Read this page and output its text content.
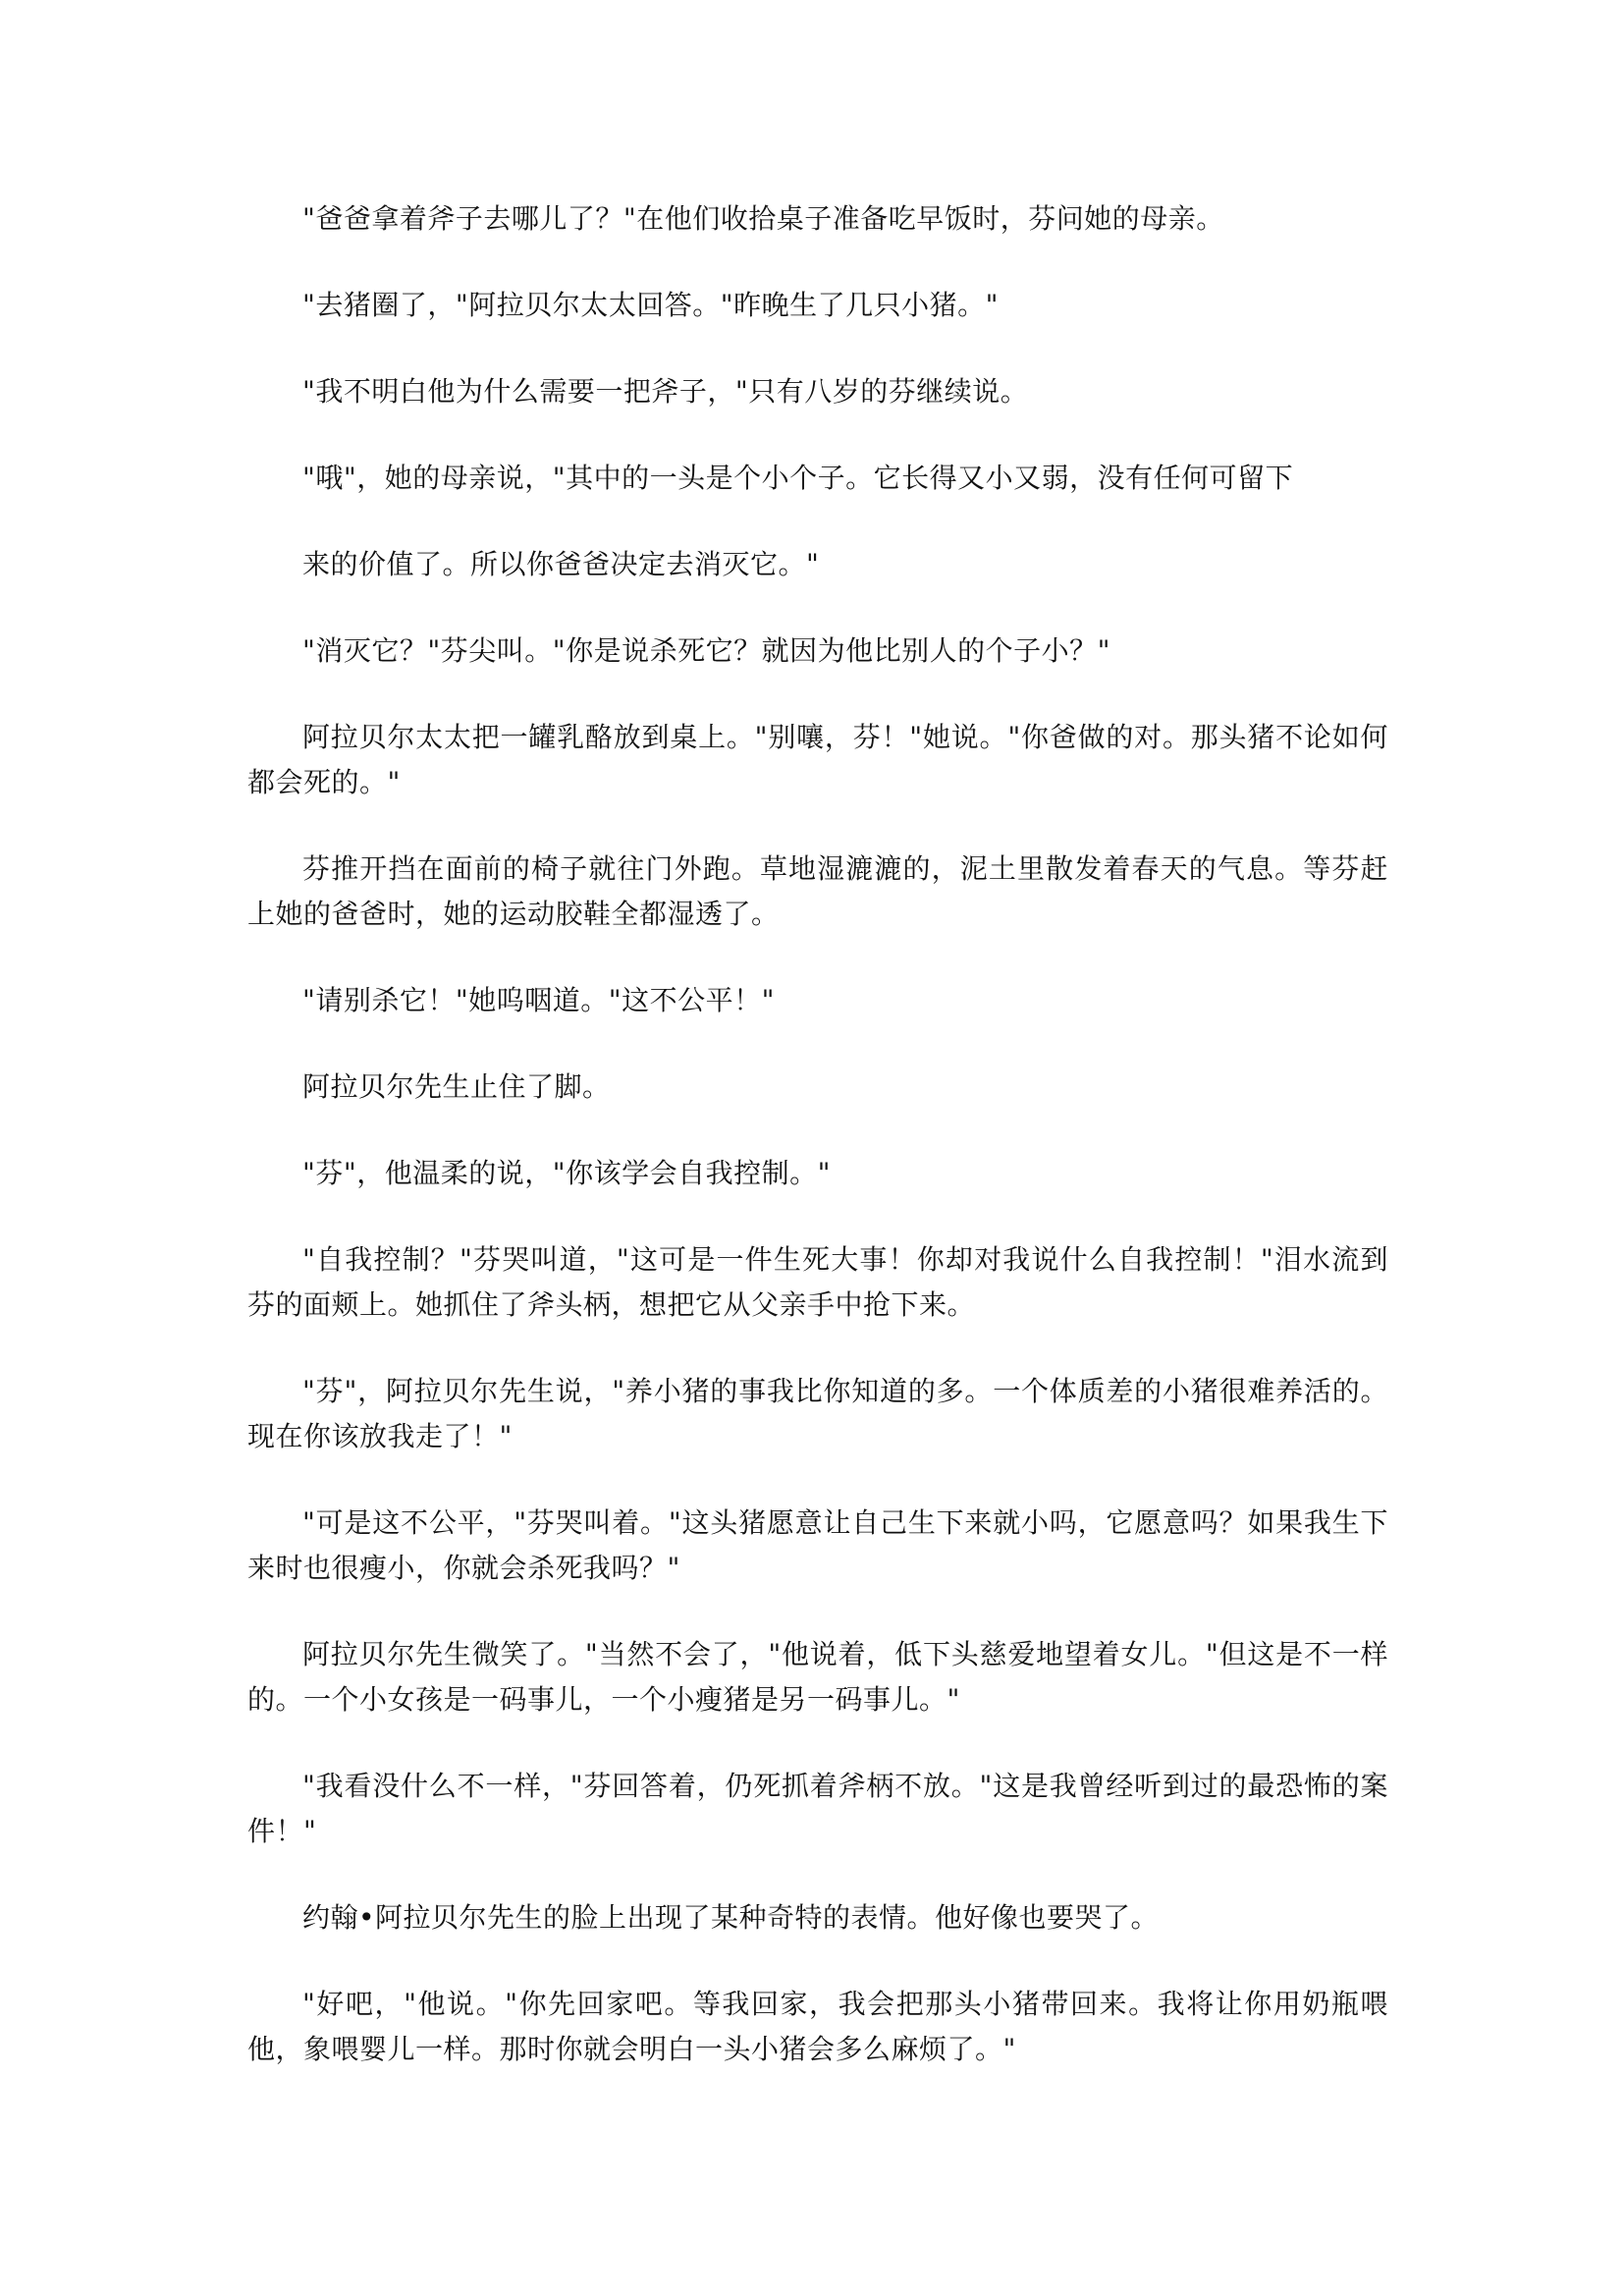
"爸爸拿着斧子去哪儿了？"在他们收拾桌子准备吃早饭时，芬问她的母亲。

"去猪圈了，"阿拉贝尔太太回答。"昨晚生了几只小猪。"

"我不明白他为什么需要一把斧子，"只有八岁的芬继续说。

"哦"，她的母亲说，"其中的一头是个小个子。它长得又小又弱，没有任何可留下

来的价值了。所以你爸爸决定去消灭它。"

"消灭它？"芬尖叫。"你是说杀死它？就因为他比别人的个子小？"

阿拉贝尔太太把一罐乳酪放到桌上。"别嚷，芬！"她说。"你爸做的对。那头猪不论如何都会死的。"

芬推开挡在面前的椅子就往门外跑。草地湿漉漉的，泥土里散发着春天的气息。等芬赶上她的爸爸时，她的运动胶鞋全都湿透了。

"请别杀它！"她呜咽道。"这不公平！"

阿拉贝尔先生止住了脚。

"芬"，他温柔的说，"你该学会自我控制。"

"自我控制？"芬哭叫道，"这可是一件生死大事！你却对我说什么自我控制！"泪水流到芬的面颊上。她抓住了斧头柄，想把它从父亲手中抢下来。

"芬"，阿拉贝尔先生说，"养小猪的事我比你知道的多。一个体质差的小猪很难养活的。现在你该放我走了！"

"可是这不公平，"芬哭叫着。"这头猪愿意让自己生下来就小吗，它愿意吗？如果我生下来时也很瘦小，你就会杀死我吗？"

阿拉贝尔先生微笑了。"当然不会了，"他说着，低下头慈爱地望着女儿。"但这是不一样的。一个小女孩是一码事儿，一个小瘦猪是另一码事儿。"

"我看没什么不一样，"芬回答着，仍死抓着斧柄不放。"这是我曾经听到过的最恐怖的案件！"

约翰•阿拉贝尔先生的脸上出现了某种奇特的表情。他好像也要哭了。

"好吧，"他说。"你先回家吧。等我回家，我会把那头小猪带回来。我将让你用奶瓶喂他，象喂婴儿一样。那时你就会明白一头小猪会多么麻烦了。"
